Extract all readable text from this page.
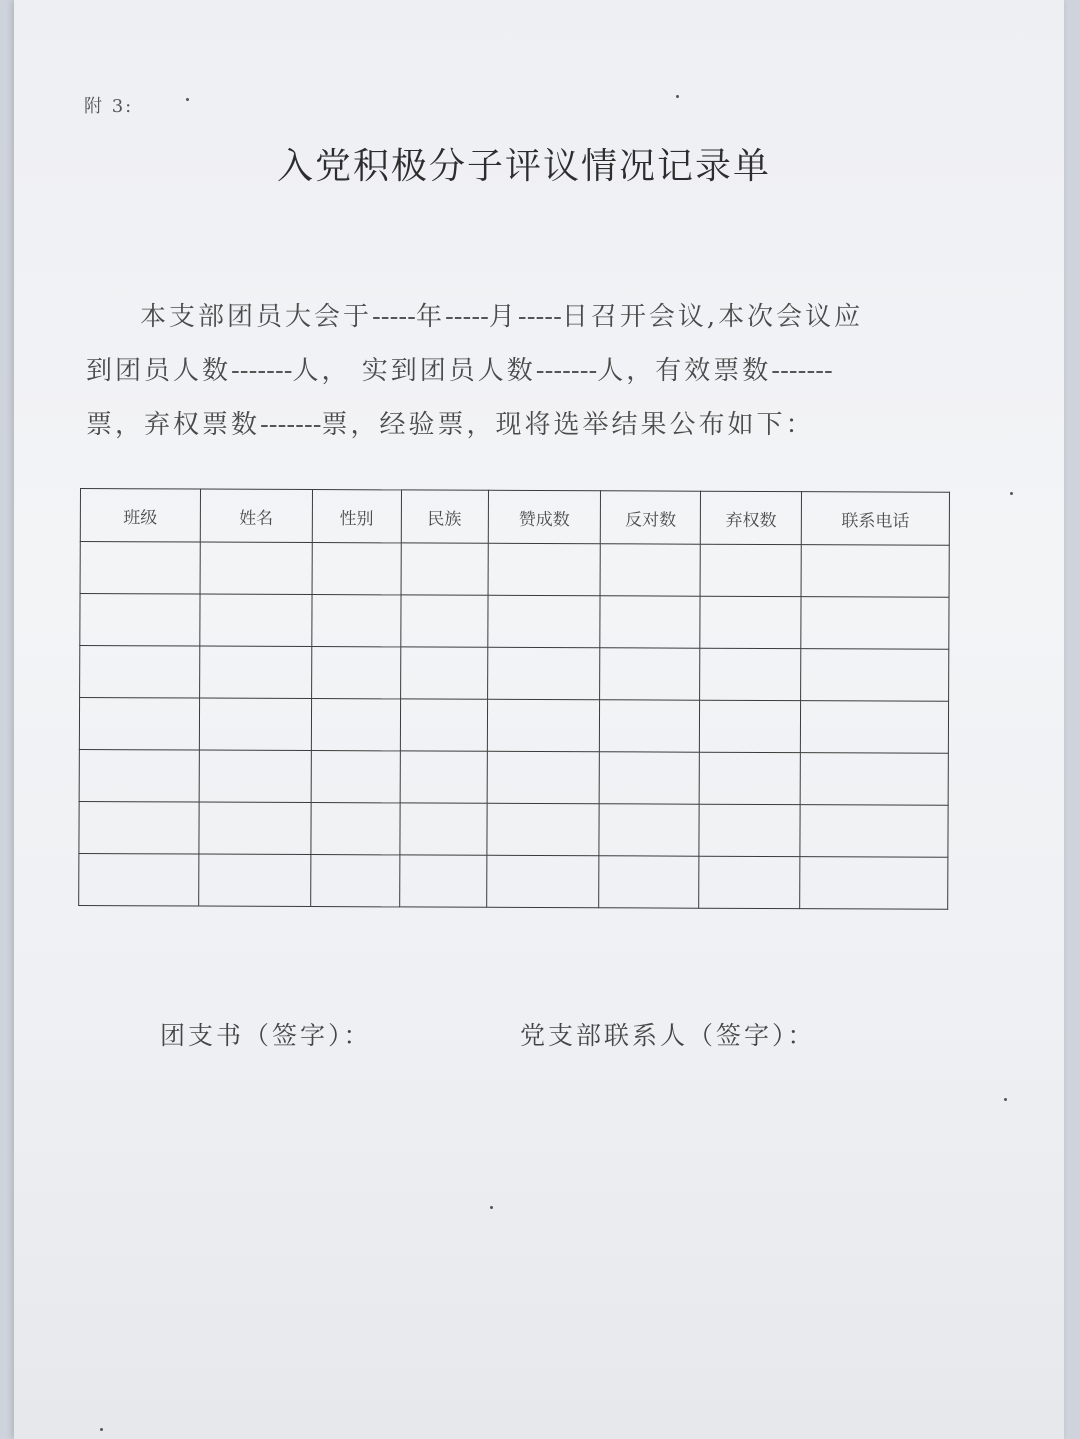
附 3:
入党积极分子评议情况记录单
本支部团员大会于-----年-----月-----日召开会议,本次会议应
到团员人数-------人， 实到团员人数-------人，有效票数-------
票，弃权票数-------票，经验票，现将选举结果公布如下：
班级	姓名	性别	民族	赞成数	反对数	弃权数	联系电话

团支书（签字）：	党支部联系人（签字）：
